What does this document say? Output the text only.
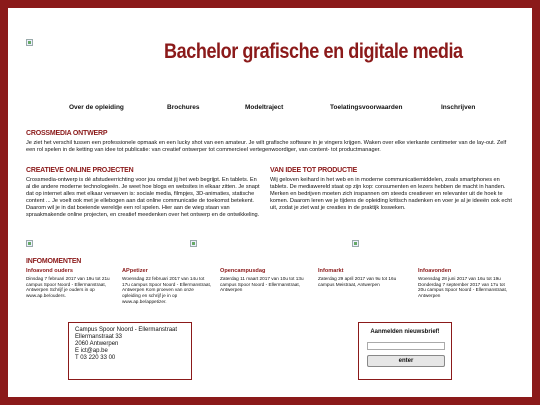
Bachelor grafische en digitale media
Over de opleiding	Brochures	Modeltraject	Toelatingsvoorwaarden	Inschrijven
CROSSMEDIA ONTWERP
Je ziet het verschil tussen een professionele opmaak en een lucky shot van een amateur. Je wilt grafische software in je vingers krijgen. Waken over elke vierkante centimeter van de lay-out. Zelf een rol spelen in de ketting van idee tot publicatie: van creatief ontwerper tot commercieel vertegenwoordiger, van content- tot productmanager.
CREATIEVE ONLINE PROJECTEN
Crossmedia-ontwerp is dé afstudeerrichting voor jou omdat jij het web begrijpt. En tablets. En al die andere moderne technologieën. Je weet hoe blogs en websites in elkaar zitten. Je snapt dat op internet alles met elkaar verweven is: sociale media, filmpjes, 3D-animaties, statische content ... Je voelt ook met je ellebogen aan dat online communicatie de toekomst betekent. Daarom wil je in dat boeiende wereldje een rol spelen. Hier aan de wieg staan van spraakmakende online projecten, en creatief meedenken over het ontwerp en de ontwikkeling.
VAN IDEE TOT PRODUCTIE
Wij geloven keihard in het web en in moderne communicatiemiddelen, zoals smartphones en tablets. De mediawereld staat op zijn kop: consumenten en lezers hebben de macht in handen. Merken en bedrijven moeten zich inspannen om steeds creatiever en relevanter uit de hoek te komen. Daarom leren we je tijdens de opleiding kritisch nadenken en voer je al je ideeën ook echt uit, zodat je ziet wat je creaties in de praktijk losweken.
INFOMOMENTEN
Infoavond ouders
Dinsdag 7 februari 2017 van 19u tot 21u campus Spoor Noord - Ellermanstraat, Antwerpen Schrijf je ouders in op www.ap.be/ouders.
APpetizer
Woensdag 22 februari 2017 van 14u tot 17u campus Spoor Noord - Ellermanstraat, Antwerpen Kom proeven van onze opleiding en schrijf je in op www.ap.be/appetizer.
Opencampusdag
Zaterdag 11 maart 2017 van 10u tot 13u campus Spoor Noord - Ellermanstraat, Antwerpen
Infomarkt
Zaterdag 29 april 2017 van 9u tot 16u campus Meistraat, Antwerpen
Infoavonden
Woensdag 28 juni 2017 van 16u tot 19u Donderdag 7 september 2017 van 17u tot 20u campus Spoor Noord - Ellermanstraat, Antwerpen
Campus Spoor Noord - Ellermanstraat
Ellermanstraat 33
2060 Antwerpen
E ict@ap.be
T 03 220 33 00
Aanmelden nieuwsbrief!
enter
